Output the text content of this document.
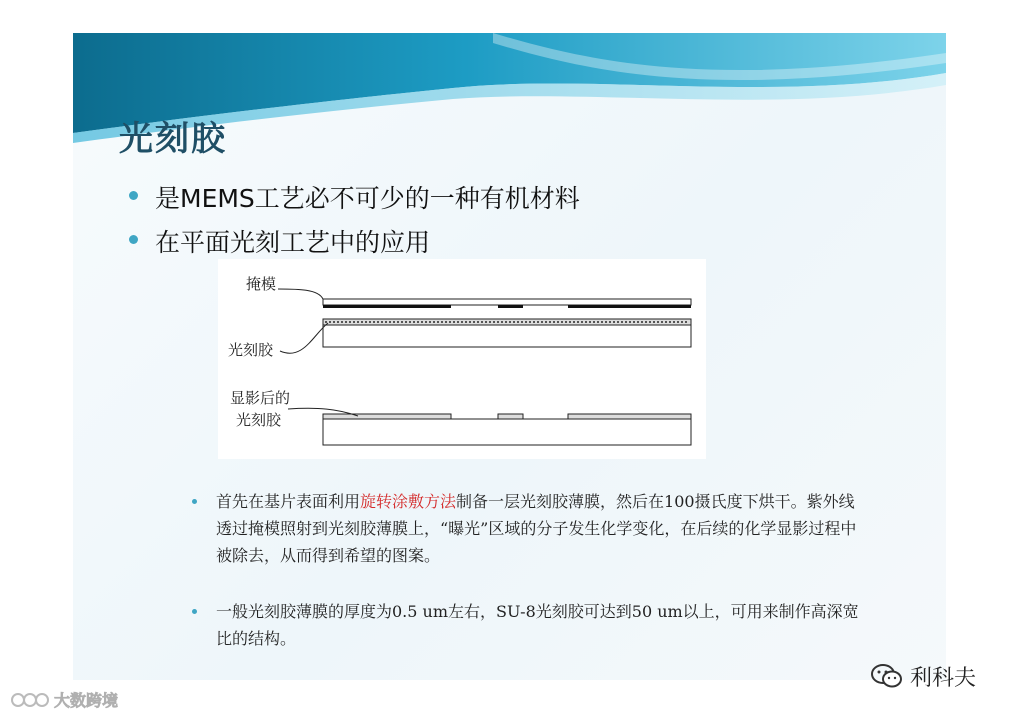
光刻胶
是MEMS工艺必不可少的一种有机材料
在平面光刻工艺中的应用
掩模
光刻胶
显影后的
光刻胶
首先在基片表面利用旋转涂敷方法制备一层光刻胶薄膜，然后在100摄氏度下烘干。紫外线透过掩模照射到光刻胶薄膜上，“曝光”区域的分子发生化学变化，在后续的化学显影过程中被除去，从而得到希望的图案。
一般光刻胶薄膜的厚度为0.5 um左右，SU-8光刻胶可达到50 um以上，可用来制作高深宽比的结构。
利科夫
大数跨境
